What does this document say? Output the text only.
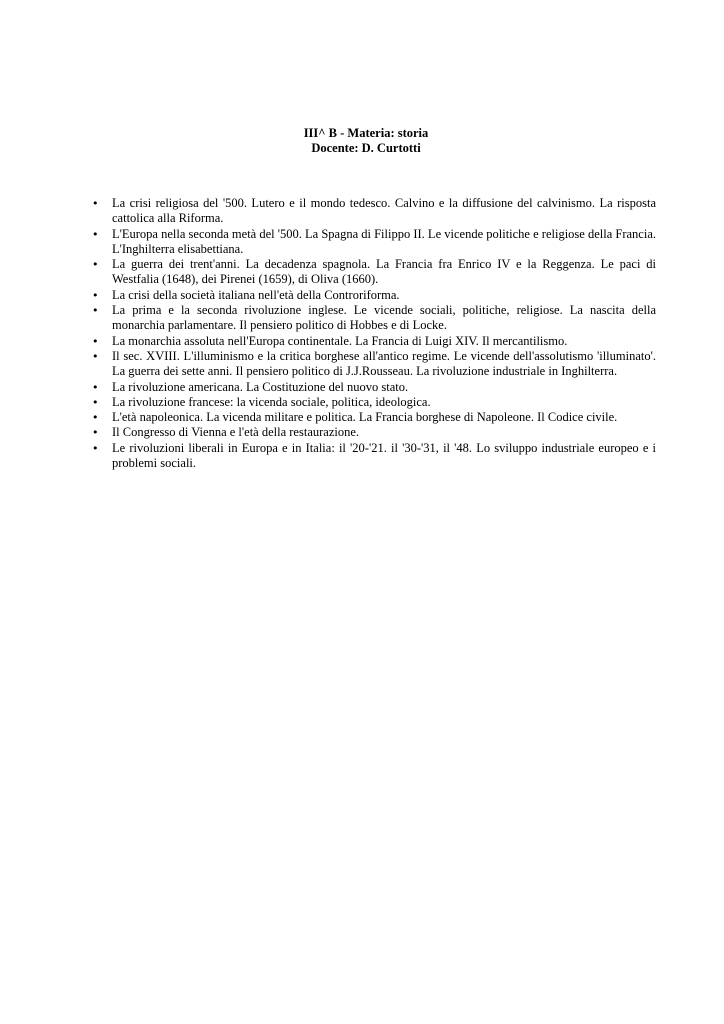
III^ B - Materia: storia
Docente: D. Curtotti
• La crisi religiosa del '500. Lutero e il mondo tedesco. Calvino e la diffusione del calvinismo. La risposta cattolica alla Riforma.
• L'Europa nella seconda metà del '500. La Spagna di Filippo II. Le vicende politiche e religiose della Francia. L'Inghilterra elisabettiana.
• La guerra dei trent'anni. La decadenza spagnola. La Francia fra Enrico IV e la Reggenza. Le paci di Westfalia (1648), dei Pirenei (1659), di Oliva (1660).
• La crisi della società italiana nell'età della Controriforma.
• La prima e la seconda rivoluzione inglese. Le vicende sociali, politiche, religiose. La nascita della monarchia parlamentare. Il pensiero politico di Hobbes e di Locke.
• La monarchia assoluta nell'Europa continentale. La Francia di Luigi XIV. Il mercantilismo.
• Il sec. XVIII. L'illuminismo e la critica borghese all'antico regime. Le vicende dell'assolutismo 'illuminato'. La guerra dei sette anni. Il pensiero politico di J.J.Rousseau. La rivoluzione industriale in Inghilterra.
• La rivoluzione americana. La Costituzione del nuovo stato.
• La rivoluzione francese: la vicenda sociale, politica, ideologica.
• L'età napoleonica. La vicenda militare e politica. La Francia borghese di Napoleone. Il Codice civile.
• Il Congresso di Vienna e l'età della restaurazione.
• Le rivoluzioni liberali in Europa e in Italia: il '20-'21. il '30-'31, il '48. Lo sviluppo industriale europeo e i problemi sociali.
